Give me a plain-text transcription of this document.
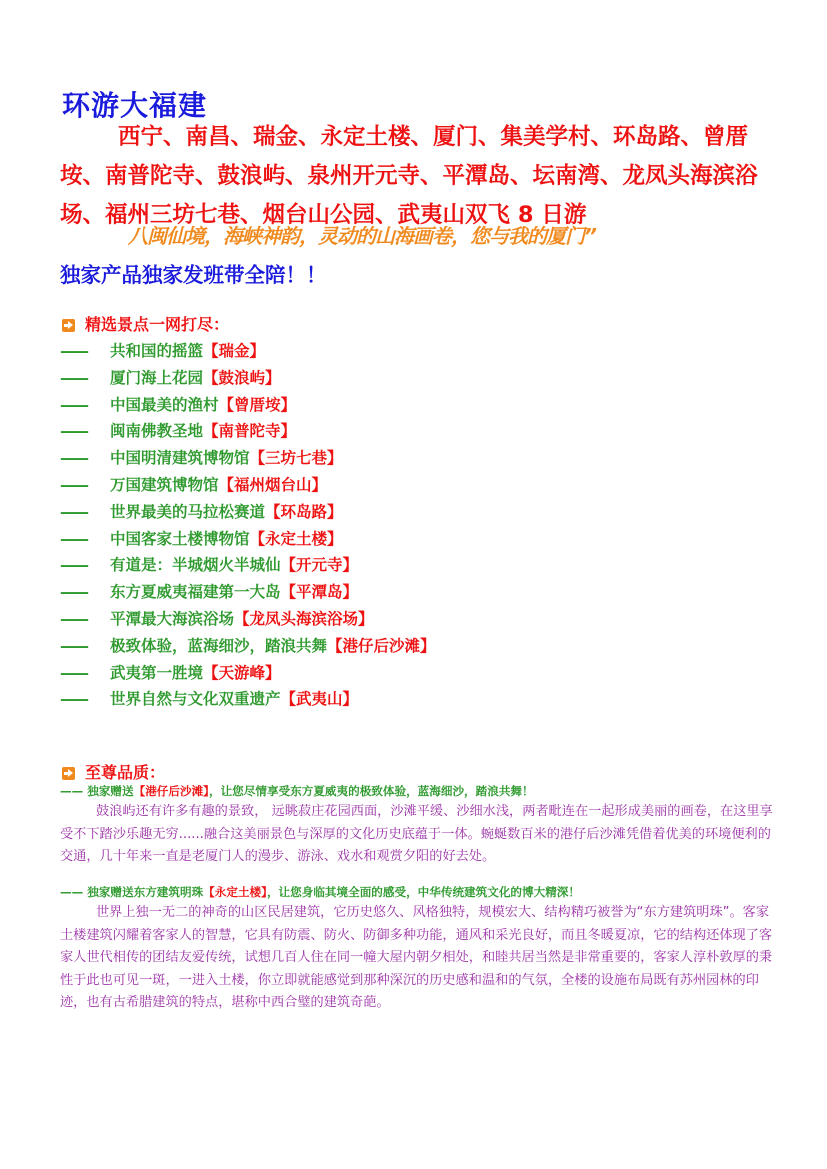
环游大福建
西宁、南昌、瑞金、永定土楼、厦门、集美学村、环岛路、曾厝垵、南普陀寺、鼓浪屿、泉州开元寺、平潭岛、坛南湾、龙凤头海滨浴场、福州三坊七巷、烟台山公园、武夷山双飞 8 日游
八闽仙境，海峡神韵，灵动的山海画卷，您与我的厦门”
独家产品独家发班带全陪！！
精选景点一网打尽：
—— 共和国的摇篮【瑞金】
—— 厦门海上花园【鼓浪屿】
—— 中国最美的渔村【曾厝垵】
—— 闽南佛教圣地【南普陀寺】
—— 中国明清建筑博物馆【三坊七巷】
—— 万国建筑博物馆【福州烟台山】
—— 世界最美的马拉松赛道【环岛路】
—— 中国客家土楼博物馆【永定土楼】
—— 有道是：半城烟火半城仙【开元寺】
—— 东方夏威夷福建第一大岛【平潭岛】
—— 平潭最大海滨浴场【龙凤头海滨浴场】
—— 极致体验，蓝海细沙，踏浪共舞【港仔后沙滩】
—— 武夷第一胜境【天游峰】
—— 世界自然与文化双重遗产【武夷山】
至尊品质：
—— 独家赠送【港仔后沙滩】，让您尽情享受东方夏威夷的极致体验，蓝海细沙，踏浪共舞！

鼓浪屿还有许多有趣的景致， 远眺菽庄花园西面，沙滩平缓、沙细水浅，两者毗连在一起形成美丽的画卷，在这里享受不下踏沙乐趣无穷......融合这美丽景色与深厚的文化历史底蕴于一体。蜿蜒数百米的港仔后沙滩凭借着优美的环境便利的交通，几十年来一直是老厦门人的漫步、游泳、戏水和观赏夕阳的好去处。

—— 独家赠送东方建筑明珠【永定土楼】，让您身临其境全面的感受，中华传统建筑文化的博大精深！

世界上独一无二的神奇的山区民居建筑，它历史悠久、风格独特，规模宏大、结构精巧被誉为“东方建筑明珠”。客家土楼建筑闪耀着客家人的智慧，它具有防震、防火、防御多种功能，通风和采光良好，而且冬暖夏凉，它的结构还体现了客家人世代相传的团结友爱传统，试想几百人住在同一幢大屋内朝夕相处，和睦共居当然是非常重要的，客家人淳朴敦厚的秉性于此也可见一斑，一进入土楼，你立即就能感觉到那种深沉的历史感和温和的气氛，全楼的设施布局既有苏州园林的印迹，也有古希腊建筑的特点，堪称中西合璧的建筑奇葩。
